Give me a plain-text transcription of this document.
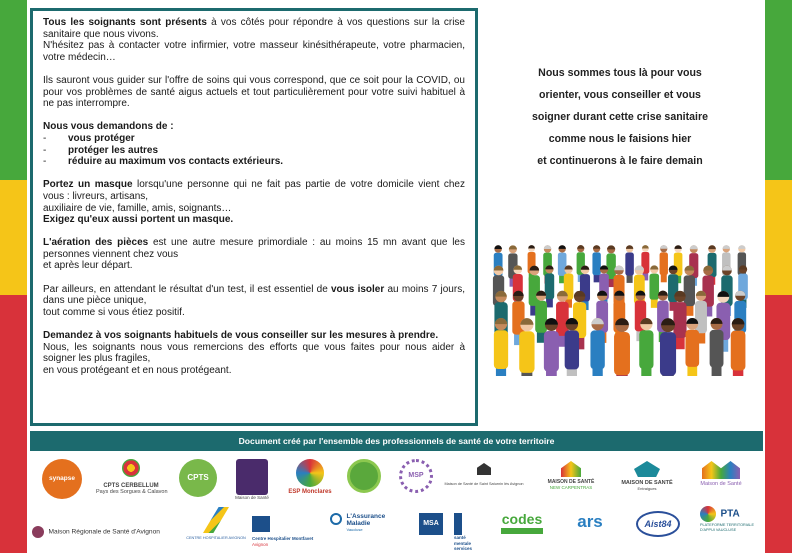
Tous les soignants sont présents à vos côtés pour répondre à vos questions sur la crise sanitaire que nous vivons.

N'hésitez pas à contacter votre infirmier, votre masseur kinésithérapeute, votre pharmacien, votre médecin…

Ils sauront vous guider sur l'offre de soins qui vous correspond, que ce soit pour la COVID, ou pour vos problèmes de santé aigus actuels et tout particulièrement pour votre suivi habituel à ne pas interrompre.

Nous vous demandons de :

- vous protéger
- protéger les autres
- réduire au maximum vos contacts extérieurs.

Portez un masque lorsqu'une personne qui ne fait pas partie de votre domicile vient chez vous : livreurs, artisans,

auxiliaire de vie, famille, amis, soignants…

Exigez qu'eux aussi portent un masque.

L'aération des pièces est une autre mesure primordiale : au moins 15 mn avant que les personnes viennent chez vous

et après leur départ.

Par ailleurs, en attendant le résultat d'un test, il est essentiel de vous isoler au moins 7 jours, dans une pièce unique,

tout comme si vous étiez positif.

Demandez à vos soignants habituels de vous conseiller sur les mesures à prendre.

Nous, les soignants nous vous remercions des efforts que vous faites pour nous aider à soigner les plus fragiles,

en vous protégeant et en nous protégeant.

Nous sommes tous là pour vous
orienter, vous conseiller et vous
soigner durant cette crise sanitaire
comme nous le faisions hier
et continuerons à le faire demain
Document créé par l'ensemble des professionnels de santé de votre territoire
synapse
CPTS CERBELLUM
Pays des Sorgues & Calavon
CPTS
Maison de Santé
ESP Monclares
MSP
Maison de Santé de Saint Saturnin lès Avignon	MAISON DE SANTÉ
NEW CARPENTRAS
MAISON DE SANTÉ
Entraigues
Maison de Santé
Maison Régionale de Santé d'Avignon
CENTRE HOSPITALIER AVIGNON
Centre Hospitalier Montfavet
Avignon

L'Assurance Maladie
Vaucluse
MSA
santé mentale services
codes	ars	Aist84
PTA
PLATEFORME TERRITORIALE D'APPUI VAUCLUSE
